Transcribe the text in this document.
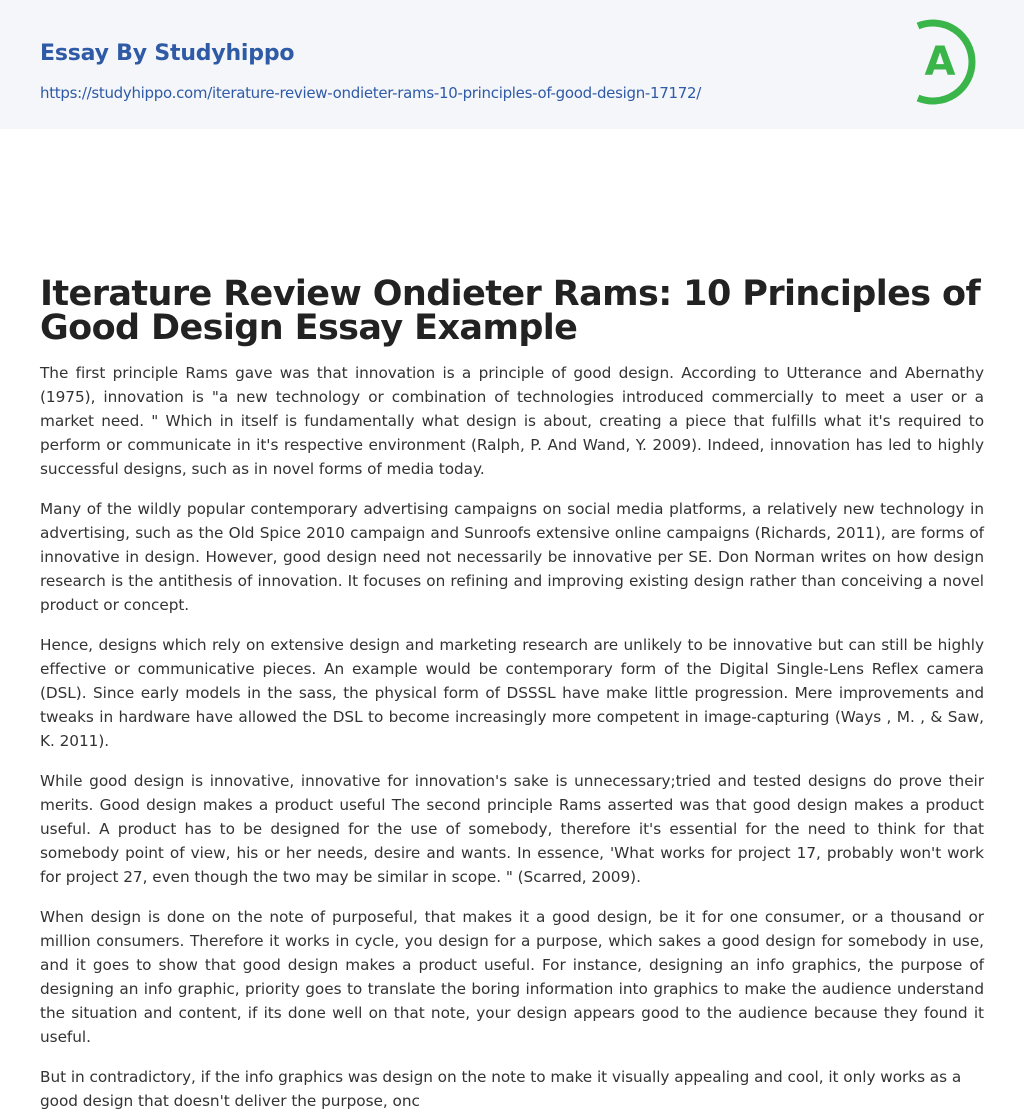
Essay By Studyhippo
https://studyhippo.com/iterature-review-ondieter-rams-10-principles-of-good-design-17172/
A
Iterature Review Ondieter Rams: 10 Principles of Good Design Essay Example

The first principle Rams gave was that innovation is a principle of good design. According to Utterance and Abernathy (1975), innovation is "a new technology or combination of technologies introduced commercially to meet a user or a market need. " Which in itself is fundamentally what design is about, creating a piece that fulfills what it's required to perform or communicate in it's respective environment (Ralph, P. And Wand, Y. 2009). Indeed, innovation has led to highly successful designs, such as in novel forms of media today.

Many of the wildly popular contemporary advertising campaigns on social media platforms, a relatively new technology in advertising, such as the Old Spice 2010 campaign and Sunroofs extensive online campaigns (Richards, 2011), are forms of innovative in design. However, good design need not necessarily be innovative per SE. Don Norman writes on how design research is the antithesis of innovation. It focuses on refining and improving existing design rather than conceiving a novel product or concept.

Hence, designs which rely on extensive design and marketing research are unlikely to be innovative but can still be highly effective or communicative pieces. An example would be contemporary form of the Digital Single-Lens Reflex camera (DSL). Since early models in the sass, the physical form of DSSSL have make little progression. Mere improvements and tweaks in hardware have allowed the DSL to become increasingly more competent in image-capturing (Ways , M. , & Saw, K. 2011).

While good design is innovative, innovative for innovation's sake is unnecessary;tried and tested designs do prove their merits. Good design makes a product useful The second principle Rams asserted was that good design makes a product useful. A product has to be designed for the use of somebody, therefore it's essential for the need to think for that somebody point of view, his or her needs, desire and wants. In essence, 'What works for project 17, probably won't work for project 27, even though the two may be similar in scope. " (Scarred, 2009).

When design is done on the note of purposeful, that makes it a good design, be it for one consumer, or a thousand or million consumers. Therefore it works in cycle, you design for a purpose, which sakes a good design for somebody in use, and it goes to show that good design makes a product useful. For instance, designing an info graphics, the purpose of designing an info graphic, priority goes to translate the boring information into graphics to make the audience understand the situation and content, if its done well on that note, your design appears good to the audience because they found it useful.

But in contradictory, if the info graphics was design on the note to make it visually appealing and cool, it only works as a good design that doesn't deliver the purpose, onc
